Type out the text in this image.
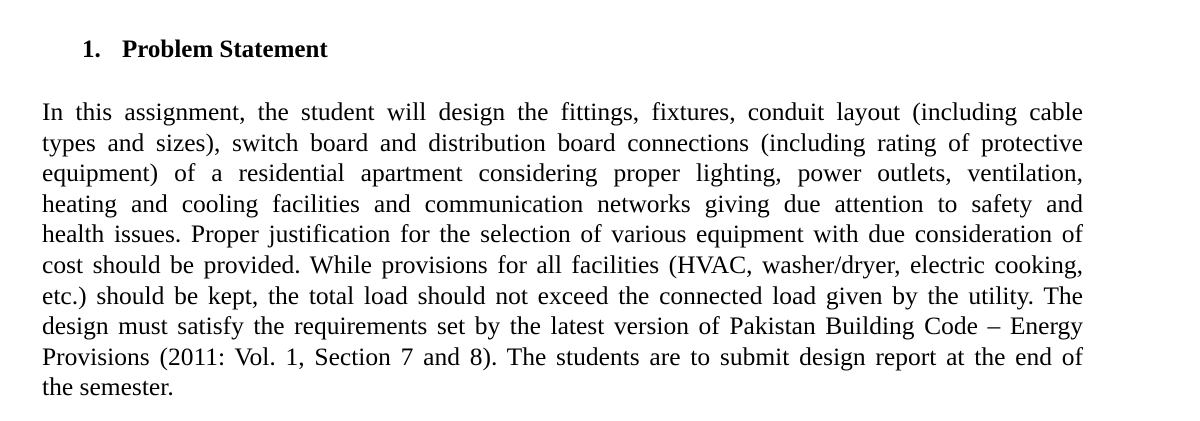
1. Problem Statement
In this assignment, the student will design the fittings, fixtures, conduit layout (including cable
types and sizes), switch board and distribution board connections (including rating of protective
equipment) of a residential apartment considering proper lighting, power outlets, ventilation,
heating and cooling facilities and communication networks giving due attention to safety and
health issues. Proper justification for the selection of various equipment with due consideration of
cost should be provided. While provisions for all facilities (HVAC, washer/dryer, electric cooking,
etc.) should be kept, the total load should not exceed the connected load given by the utility. The
design must satisfy the requirements set by the latest version of Pakistan Building Code – Energy
Provisions (2011: Vol. 1, Section 7 and 8). The students are to submit design report at the end of
the semester.
